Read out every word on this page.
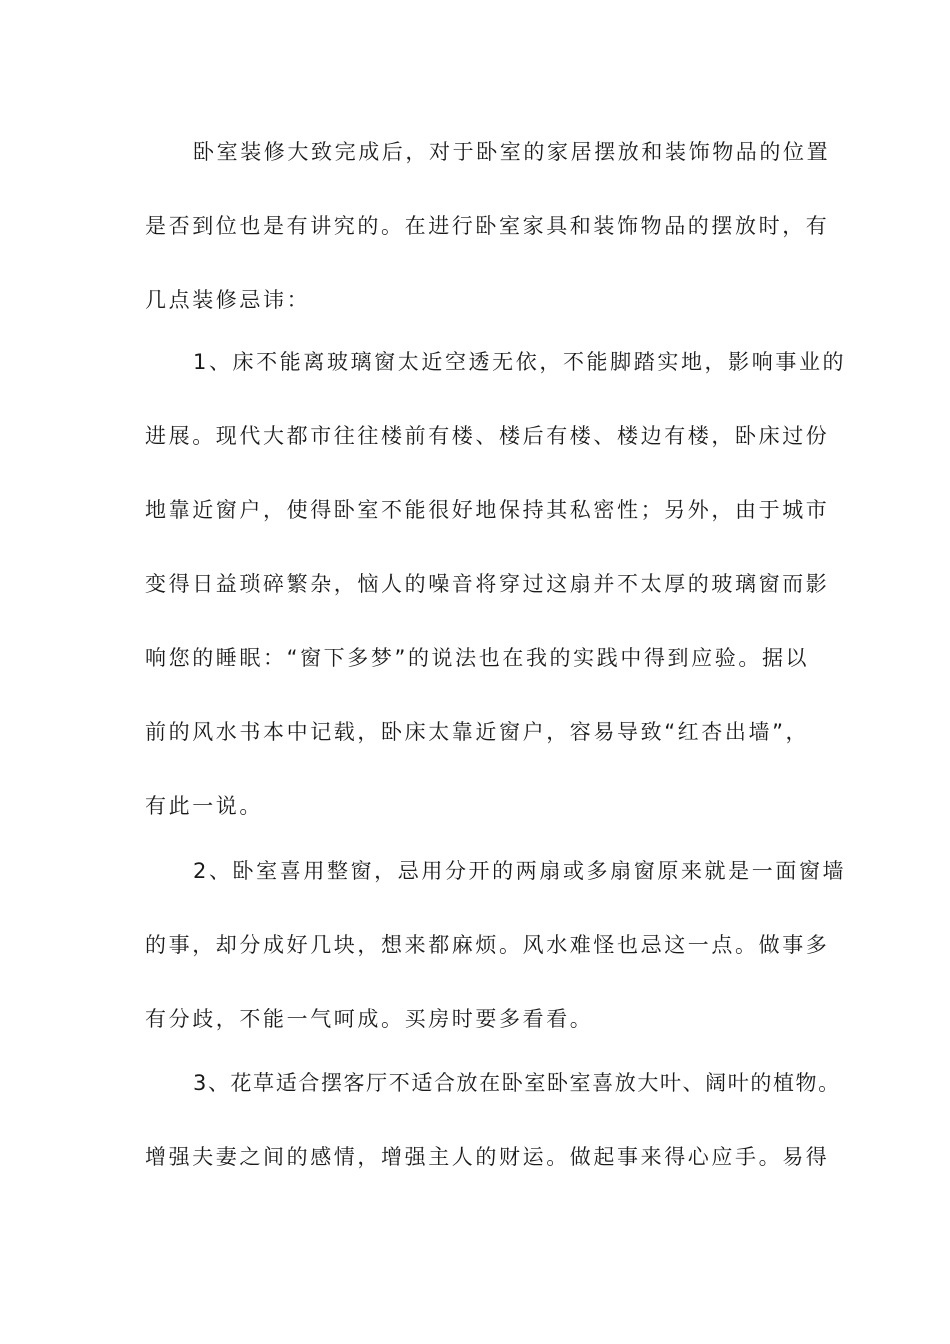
卧室装修大致完成后，对于卧室的家居摆放和装饰物品的位置
是否到位也是有讲究的。在进行卧室家具和装饰物品的摆放时，有
几点装修忌讳：
1、床不能离玻璃窗太近空透无依，不能脚踏实地，影响事业的
进展。现代大都市往往楼前有楼、楼后有楼、楼边有楼，卧床过份
地靠近窗户，使得卧室不能很好地保持其私密性；另外，由于城市
变得日益琐碎繁杂，恼人的噪音将穿过这扇并不太厚的玻璃窗而影
响您的睡眠：“窗下多梦”的说法也在我的实践中得到应验。据以
前的风水书本中记载，卧床太靠近窗户，容易导致“红杏出墙”，
有此一说。
2、卧室喜用整窗，忌用分开的两扇或多扇窗原来就是一面窗墙
的事，却分成好几块，想来都麻烦。风水难怪也忌这一点。做事多
有分歧，不能一气呵成。买房时要多看看。
3、花草适合摆客厅不适合放在卧室卧室喜放大叶、阔叶的植物。
增强夫妻之间的感情，增强主人的财运。做起事来得心应手。易得
